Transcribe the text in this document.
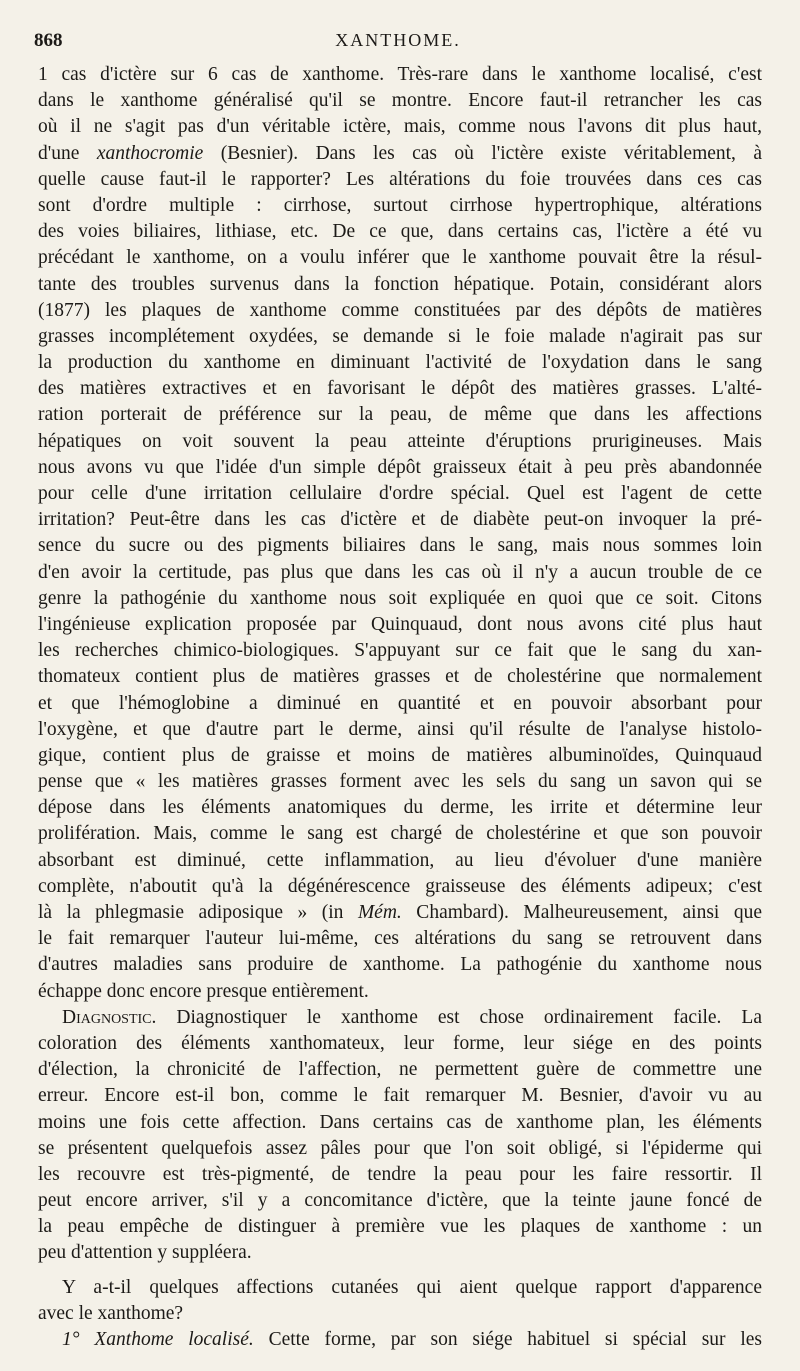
868	XANTHOME.
1 cas d'ictère sur 6 cas de xanthome. Très-rare dans le xanthome localisé, c'est
dans le xanthome généralisé qu'il se montre. Encore faut-il retrancher les cas
où il ne s'agit pas d'un véritable ictère, mais, comme nous l'avons dit plus haut,
d'une xanthocromie (Besnier). Dans les cas où l'ictère existe véritablement, à
quelle cause faut-il le rapporter? Les altérations du foie trouvées dans ces cas
sont d'ordre multiple : cirrhose, surtout cirrhose hypertrophique, altérations
des voies biliaires, lithiase, etc. De ce que, dans certains cas, l'ictère a été vu
précédant le xanthome, on a voulu inférer que le xanthome pouvait être la résul-
tante des troubles survenus dans la fonction hépatique. Potain, considérant alors
(1877) les plaques de xanthome comme constituées par des dépôts de matières
grasses incomplétement oxydées, se demande si le foie malade n'agirait pas sur
la production du xanthome en diminuant l'activité de l'oxydation dans le sang
des matières extractives et en favorisant le dépôt des matières grasses. L'alté-
ration porterait de préférence sur la peau, de même que dans les affections
hépatiques on voit souvent la peau atteinte d'éruptions prurigineuses. Mais
nous avons vu que l'idée d'un simple dépôt graisseux était à peu près abandonnée
pour celle d'une irritation cellulaire d'ordre spécial. Quel est l'agent de cette
irritation? Peut-être dans les cas d'ictère et de diabète peut-on invoquer la pré-
sence du sucre ou des pigments biliaires dans le sang, mais nous sommes loin
d'en avoir la certitude, pas plus que dans les cas où il n'y a aucun trouble de ce
genre la pathogénie du xanthome nous soit expliquée en quoi que ce soit. Citons
l'ingénieuse explication proposée par Quinquaud, dont nous avons cité plus haut
les recherches chimico-biologiques. S'appuyant sur ce fait que le sang du xan-
thomateux contient plus de matières grasses et de cholestérine que normalement
et que l'hémoglobine a diminué en quantité et en pouvoir absorbant pour
l'oxygène, et que d'autre part le derme, ainsi qu'il résulte de l'analyse histolo-
gique, contient plus de graisse et moins de matières albuminoïdes, Quinquaud
pense que « les matières grasses forment avec les sels du sang un savon qui se
dépose dans les éléments anatomiques du derme, les irrite et détermine leur
prolifération. Mais, comme le sang est chargé de cholestérine et que son pouvoir
absorbant est diminué, cette inflammation, au lieu d'évoluer d'une manière
complète, n'aboutit qu'à la dégénérescence graisseuse des éléments adipeux; c'est
là la phlegmasie adiposique » (in Mém. Chambard). Malheureusement, ainsi que
le fait remarquer l'auteur lui-même, ces altérations du sang se retrouvent dans
d'autres maladies sans produire de xanthome. La pathogénie du xanthome nous
échappe donc encore presque entièrement.
Diagnostic. Diagnostiquer le xanthome est chose ordinairement facile. La
coloration des éléments xanthomateux, leur forme, leur siége en des points
d'élection, la chronicité de l'affection, ne permettent guère de commettre une
erreur. Encore est-il bon, comme le fait remarquer M. Besnier, d'avoir vu au
moins une fois cette affection. Dans certains cas de xanthome plan, les éléments
se présentent quelquefois assez pâles pour que l'on soit obligé, si l'épiderme qui
les recouvre est très-pigmenté, de tendre la peau pour les faire ressortir. Il
peut encore arriver, s'il y a concomitance d'ictère, que la teinte jaune foncé de
la peau empêche de distinguer à première vue les plaques de xanthome : un
peu d'attention y suppléera.
Y a-t-il quelques affections cutanées qui aient quelque rapport d'apparence
avec le xanthome?
1° Xanthome localisé. Cette forme, par son siége habituel si spécial sur les
